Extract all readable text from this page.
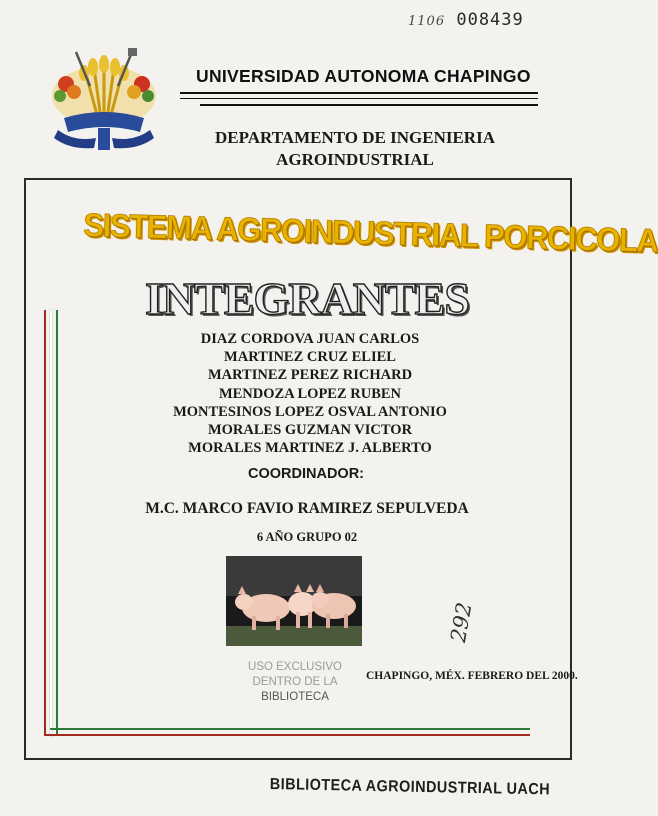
1106 008439
UNIVERSIDAD AUTONOMA CHAPINGO
DEPARTAMENTO DE INGENIERIA
AGROINDUSTRIAL
SISTEMA AGROINDUSTRIAL PORCICOLA
INTEGRANTES
DIAZ CORDOVA JUAN CARLOS
MARTINEZ CRUZ ELIEL
MARTINEZ PEREZ RICHARD
MENDOZA LOPEZ RUBEN
MONTESINOS LOPEZ OSVAL ANTONIO
MORALES GUZMAN VICTOR
MORALES MARTINEZ J. ALBERTO
COORDINADOR:
M.C. MARCO FAVIO RAMIREZ SEPULVEDA
6 AÑO GRUPO 02
292
USO EXCLUSIVO
DENTRO DE LA
BIBLIOTECA
CHAPINGO, MÉX. FEBRERO DEL 2000.
BIBLIOTECA AGROINDUSTRIAL UACH
